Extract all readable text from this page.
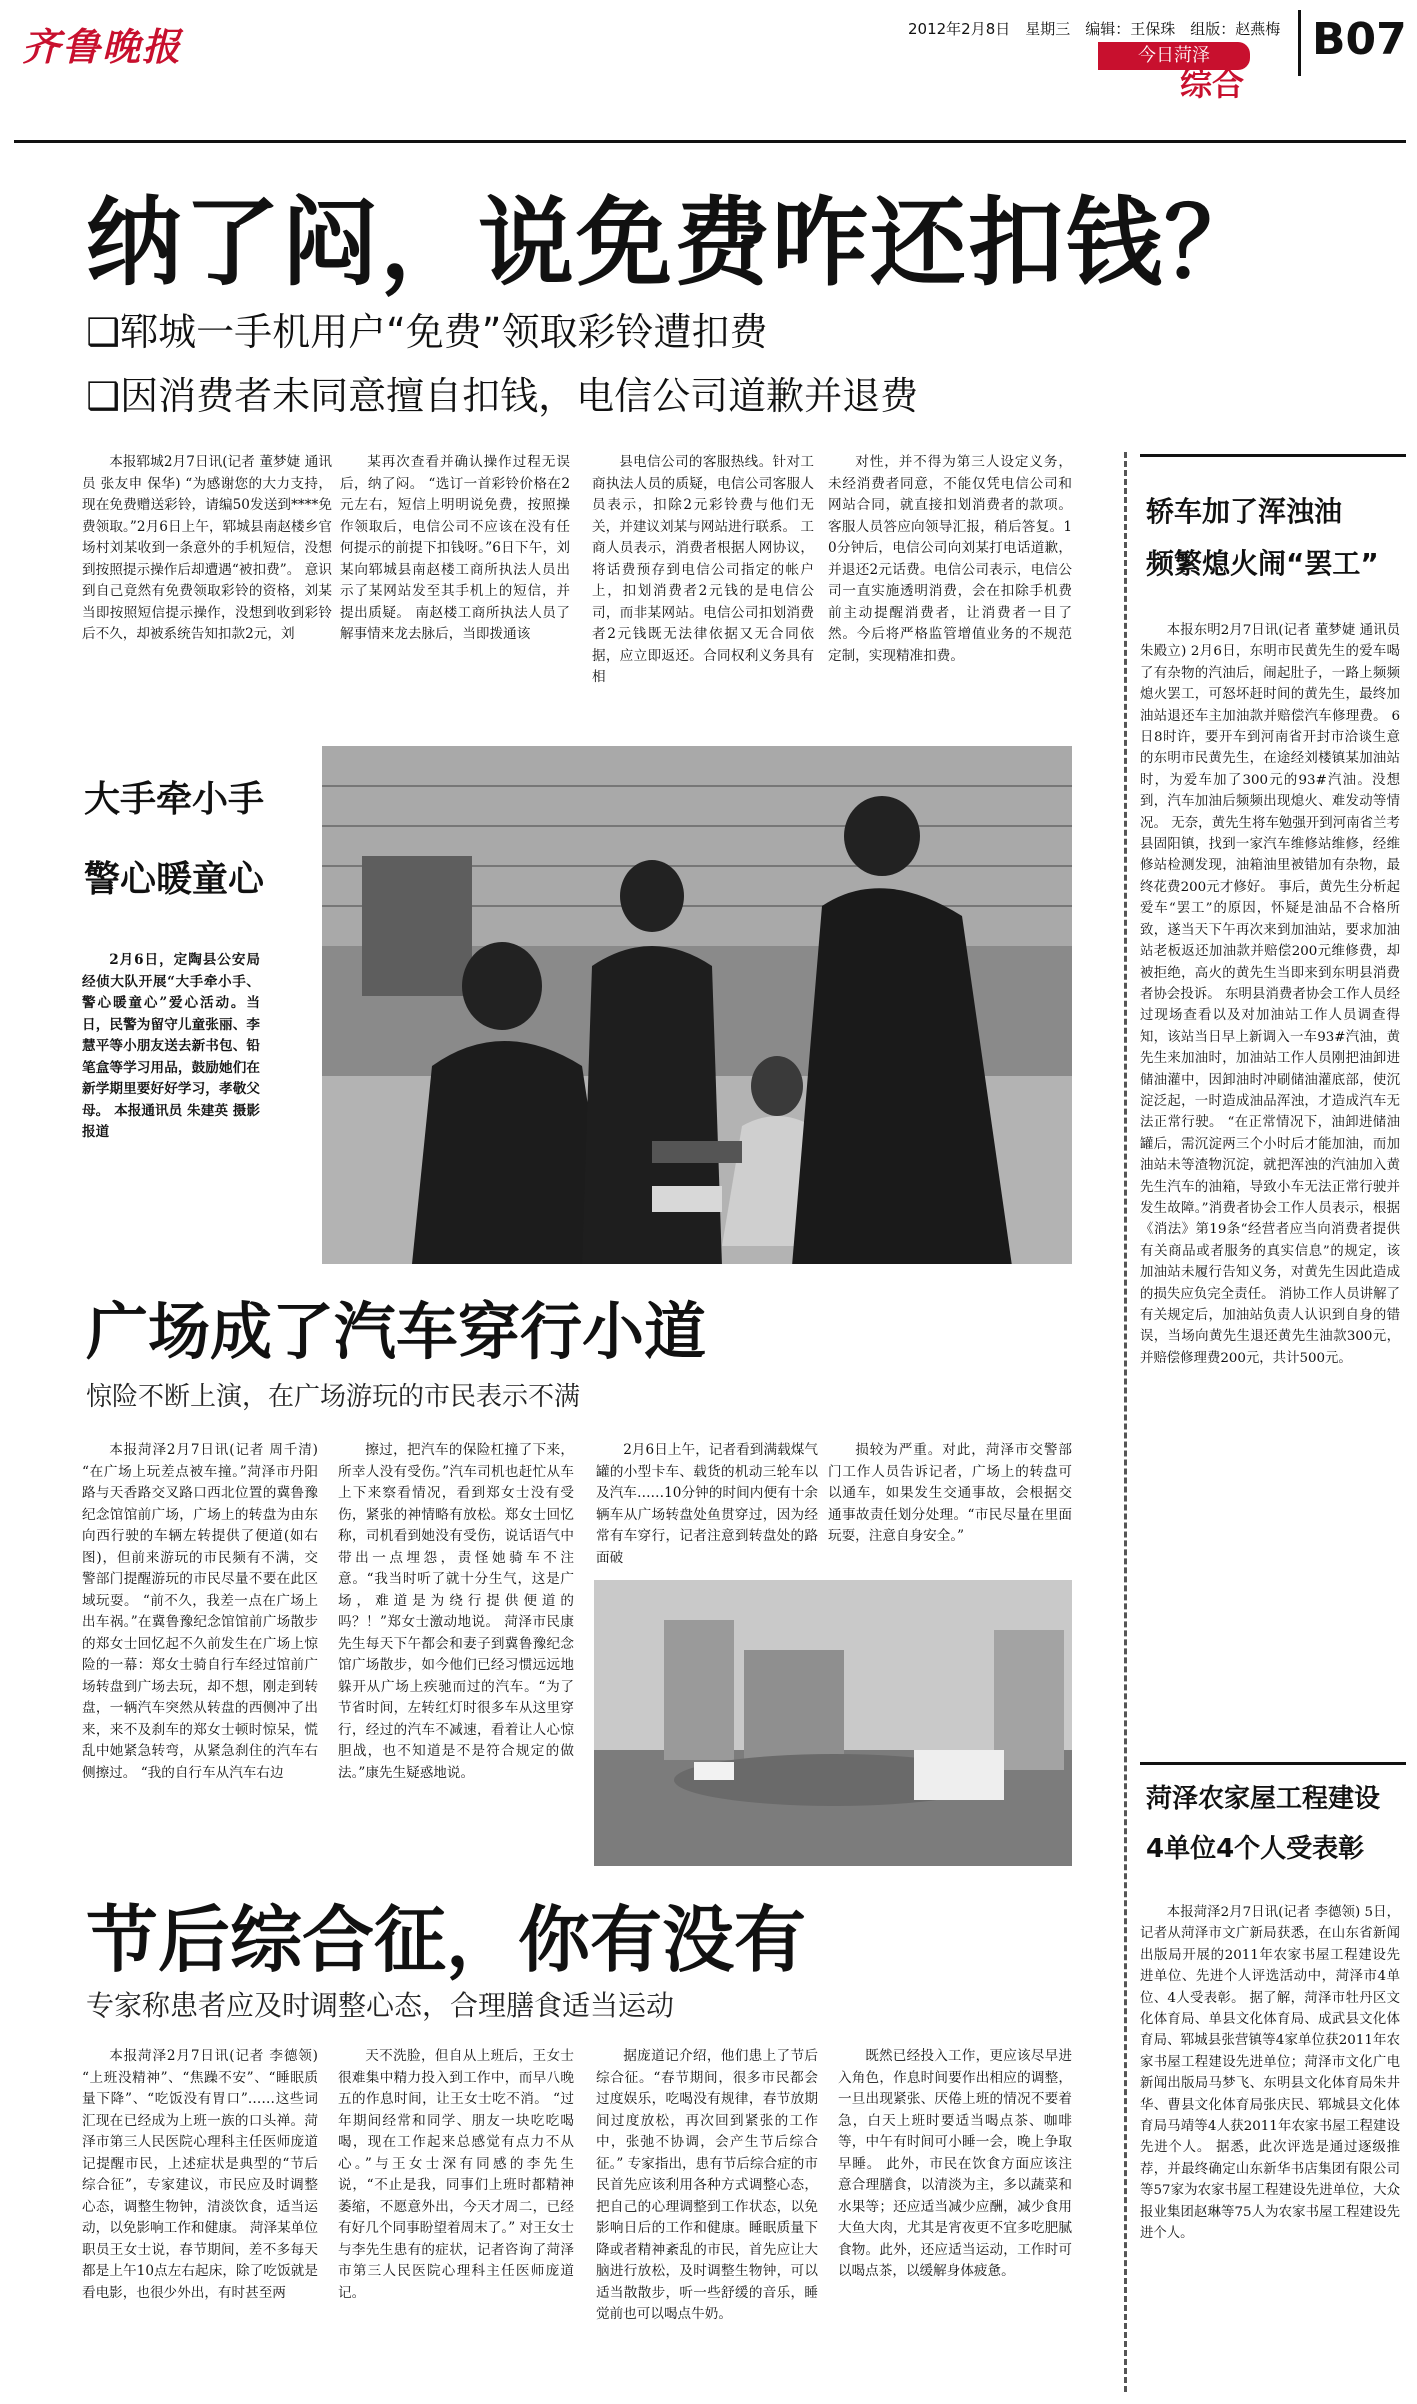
齐鲁晚报	2012年2月8日　星期三　编辑：王保珠　组版：赵燕梅
今日菏泽
综合
B07
纳了闷，说免费咋还扣钱？
❑郓城一手机用户“免费”领取彩铃遭扣费
❑因消费者未同意擅自扣钱，电信公司道歉并退费

本报郓城2月7日讯(记者 董梦婕 通讯员 张友申 保华) “为感谢您的大力支持，现在免费赠送彩铃，请编50发送到****免费领取。”2月6日上午，郓城县南赵楼乡官场村刘某收到一条意外的手机短信，没想到按照提示操作后却遭遇“被扣费”。 意识到自己竟然有免费领取彩铃的资格，刘某当即按照短信提示操作，没想到收到彩铃后不久，却被系统告知扣款2元，刘

某再次查看并确认操作过程无误后，纳了闷。 “选订一首彩铃价格在2元左右，短信上明明说免费，按照操作领取后，电信公司不应该在没有任何提示的前提下扣钱呀。”6日下午，刘某向郓城县南赵楼工商所执法人员出示了某网站发至其手机上的短信，并提出质疑。 南赵楼工商所执法人员了解事情来龙去脉后，当即拨通该

县电信公司的客服热线。针对工商执法人员的质疑，电信公司客服人员表示，扣除2元彩铃费与他们无关，并建议刘某与网站进行联系。 工商人员表示，消费者根据人网协议，将话费预存到电信公司指定的帐户上，扣划消费者2元钱的是电信公司，而非某网站。电信公司扣划消费者2元钱既无法律依据又无合同依据，应立即返还。合同权利义务具有相

对性，并不得为第三人设定义务，未经消费者同意，不能仅凭电信公司和网站合同，就直接扣划消费者的款项。 客服人员答应向领导汇报，稍后答复。10分钟后，电信公司向刘某打电话道歉，并退还2元话费。电信公司表示，电信公司一直实施透明消费，会在扣除手机费前主动提醒消费者，让消费者一目了然。今后将严格监管增值业务的不规范定制，实现精准扣费。

大手牵小手
警心暖童心

2月6日，定陶县公安局经侦大队开展“大手牵小手、警心暖童心”爱心活动。当日，民警为留守儿童张丽、李慧平等小朋友送去新书包、铅笔盒等学习用品，鼓励她们在新学期里要好好学习，孝敬父母。 本报通讯员 朱建英 摄影报道

广场成了汽车穿行小道
惊险不断上演，在广场游玩的市民表示不满

本报菏泽2月7日讯(记者 周千清) “在广场上玩差点被车撞。”菏泽市丹阳路与天香路交叉路口西北位置的冀鲁豫纪念馆馆前广场，广场上的转盘为由东向西行驶的车辆左转提供了便道(如右图)，但前来游玩的市民频有不满，交警部门提醒游玩的市民尽量不要在此区域玩耍。 “前不久，我差一点在广场上出车祸。”在冀鲁豫纪念馆馆前广场散步的郑女士回忆起不久前发生在广场上惊险的一幕：郑女士骑自行车经过馆前广场转盘到广场去玩，却不想，刚走到转盘，一辆汽车突然从转盘的西侧冲了出来，来不及刹车的郑女士顿时惊呆，慌乱中她紧急转弯，从紧急刹住的汽车右侧擦过。 “我的自行车从汽车右边

擦过，把汽车的保险杠撞了下来，所幸人没有受伤。”汽车司机也赶忙从车上下来察看情况，看到郑女士没有受伤，紧张的神情略有放松。郑女士回忆称，司机看到她没有受伤，说话语气中带出一点埋怨，责怪她骑车不注意。“我当时听了就十分生气，这是广场，难道是为绕行提供便道的吗？！”郑女士激动地说。 菏泽市民康先生每天下午都会和妻子到冀鲁豫纪念馆广场散步，如今他们已经习惯远远地躲开从广场上疾驰而过的汽车。“为了节省时间，左转红灯时很多车从这里穿行，经过的汽车不减速，看着让人心惊胆战，也不知道是不是符合规定的做法。”康先生疑惑地说。

2月6日上午，记者看到满载煤气罐的小型卡车、载货的机动三轮车以及汽车……10分钟的时间内便有十余辆车从广场转盘处鱼贯穿过，因为经常有车穿行，记者注意到转盘处的路面破

损较为严重。对此，菏泽市交警部门工作人员告诉记者，广场上的转盘可以通车，如果发生交通事故，会根据交通事故责任划分处理。“市民尽量在里面玩耍，注意自身安全。”

节后综合征，你有没有
专家称患者应及时调整心态，合理膳食适当运动

本报菏泽2月7日讯(记者 李德领) “上班没精神”、“焦躁不安”、“睡眠质量下降”、“吃饭没有胃口”……这些词汇现在已经成为上班一族的口头禅。菏泽市第三人民医院心理科主任医师庞道记提醒市民，上述症状是典型的“节后综合征”，专家建议，市民应及时调整心态，调整生物钟，清淡饮食，适当运动，以免影响工作和健康。 菏泽某单位职员王女士说，春节期间，差不多每天都是上午10点左右起床，除了吃饭就是看电影，也很少外出，有时甚至两

天不洗脸，但自从上班后，王女士很难集中精力投入到工作中，而早八晚五的作息时间，让王女士吃不消。 “过年期间经常和同学、朋友一块吃吃喝喝，现在工作起来总感觉有点力不从心。”与王女士深有同感的李先生说，“不止是我，同事们上班时都精神萎缩，不愿意外出，今天才周二，已经有好几个同事盼望着周末了。” 对王女士与李先生患有的症状，记者咨询了菏泽市第三人民医院心理科主任医师庞道记。

据庞道记介绍，他们患上了节后综合征。“春节期间，很多市民都会过度娱乐，吃喝没有规律，春节放期间过度放松，再次回到紧张的工作中，张弛不协调，会产生节后综合征。” 专家指出，患有节后综合症的市民首先应该利用各种方式调整心态，把自己的心理调整到工作状态，以免影响日后的工作和健康。睡眠质量下降或者精神紊乱的市民，首先应让大脑进行放松，及时调整生物钟，可以适当散散步，听一些舒缓的音乐，睡觉前也可以喝点牛奶。

既然已经投入工作，更应该尽早进入角色，作息时间要作出相应的调整，一旦出现紧张、厌倦上班的情况不要着急，白天上班时要适当喝点茶、咖啡等，中午有时间可小睡一会，晚上争取早睡。 此外，市民在饮食方面应该注意合理膳食，以清淡为主，多以蔬菜和水果等；还应适当减少应酬，减少食用大鱼大肉，尤其是宵夜更不宜多吃肥腻食物。此外，还应适当运动，工作时可以喝点茶，以缓解身体疲惫。

轿车加了浑浊油
频繁熄火闹“罢工”

本报东明2月7日讯(记者 董梦婕 通讯员 朱殿立) 2月6日，东明市民黄先生的爱车喝了有杂物的汽油后，闹起肚子，一路上频频熄火罢工，可怒坏赶时间的黄先生，最终加油站退还车主加油款并赔偿汽车修理费。 6日8时许，要开车到河南省开封市洽谈生意的东明市民黄先生，在途经刘楼镇某加油站时，为爱车加了300元的93#汽油。没想到，汽车加油后频频出现熄火、难发动等情况。 无奈，黄先生将车勉强开到河南省兰考县固阳镇，找到一家汽车维修站维修，经维修站检测发现，油箱油里被错加有杂物，最终花费200元才修好。 事后，黄先生分析起爱车“罢工”的原因，怀疑是油品不合格所致，遂当天下午再次来到加油站，要求加油站老板返还加油款并赔偿200元维修费，却被拒绝，高火的黄先生当即来到东明县消费者协会投诉。 东明县消费者协会工作人员经过现场查看以及对加油站工作人员调查得知，该站当日早上新调入一车93#汽油，黄先生来加油时，加油站工作人员刚把油卸进储油灌中，因卸油时冲刷储油灌底部，使沉淀泛起，一时造成油品浑浊，才造成汽车无法正常行驶。 “在正常情况下，油卸进储油罐后，需沉淀两三个小时后才能加油，而加油站未等渣物沉淀，就把浑浊的汽油加入黄先生汽车的油箱，导致小车无法正常行驶并发生故障。”消费者协会工作人员表示，根据《消法》第19条“经营者应当向消费者提供有关商品或者服务的真实信息”的规定，该加油站未履行告知义务，对黄先生因此造成的损失应负完全责任。 消协工作人员讲解了有关规定后，加油站负责人认识到自身的错误，当场向黄先生退还黄先生油款300元，并赔偿修理费200元，共计500元。

菏泽农家屋工程建设
4单位4个人受表彰

本报菏泽2月7日讯(记者 李德领) 5日，记者从菏泽市文广新局获悉，在山东省新闻出版局开展的2011年农家书屋工程建设先进单位、先进个人评选活动中，菏泽市4单位、4人受表彰。 据了解，菏泽市牡丹区文化体育局、单县文化体育局、成武县文化体育局、郓城县张营镇等4家单位获2011年农家书屋工程建设先进单位；菏泽市文化广电新闻出版局马梦飞、东明县文化体育局朱井华、曹县文化体育局张庆民、郓城县文化体育局马靖等4人获2011年农家书屋工程建设先进个人。 据悉，此次评选是通过逐级推荐，并最终确定山东新华书店集团有限公司等57家为农家书屋工程建设先进单位，大众报业集团赵琳等75人为农家书屋工程建设先进个人。
